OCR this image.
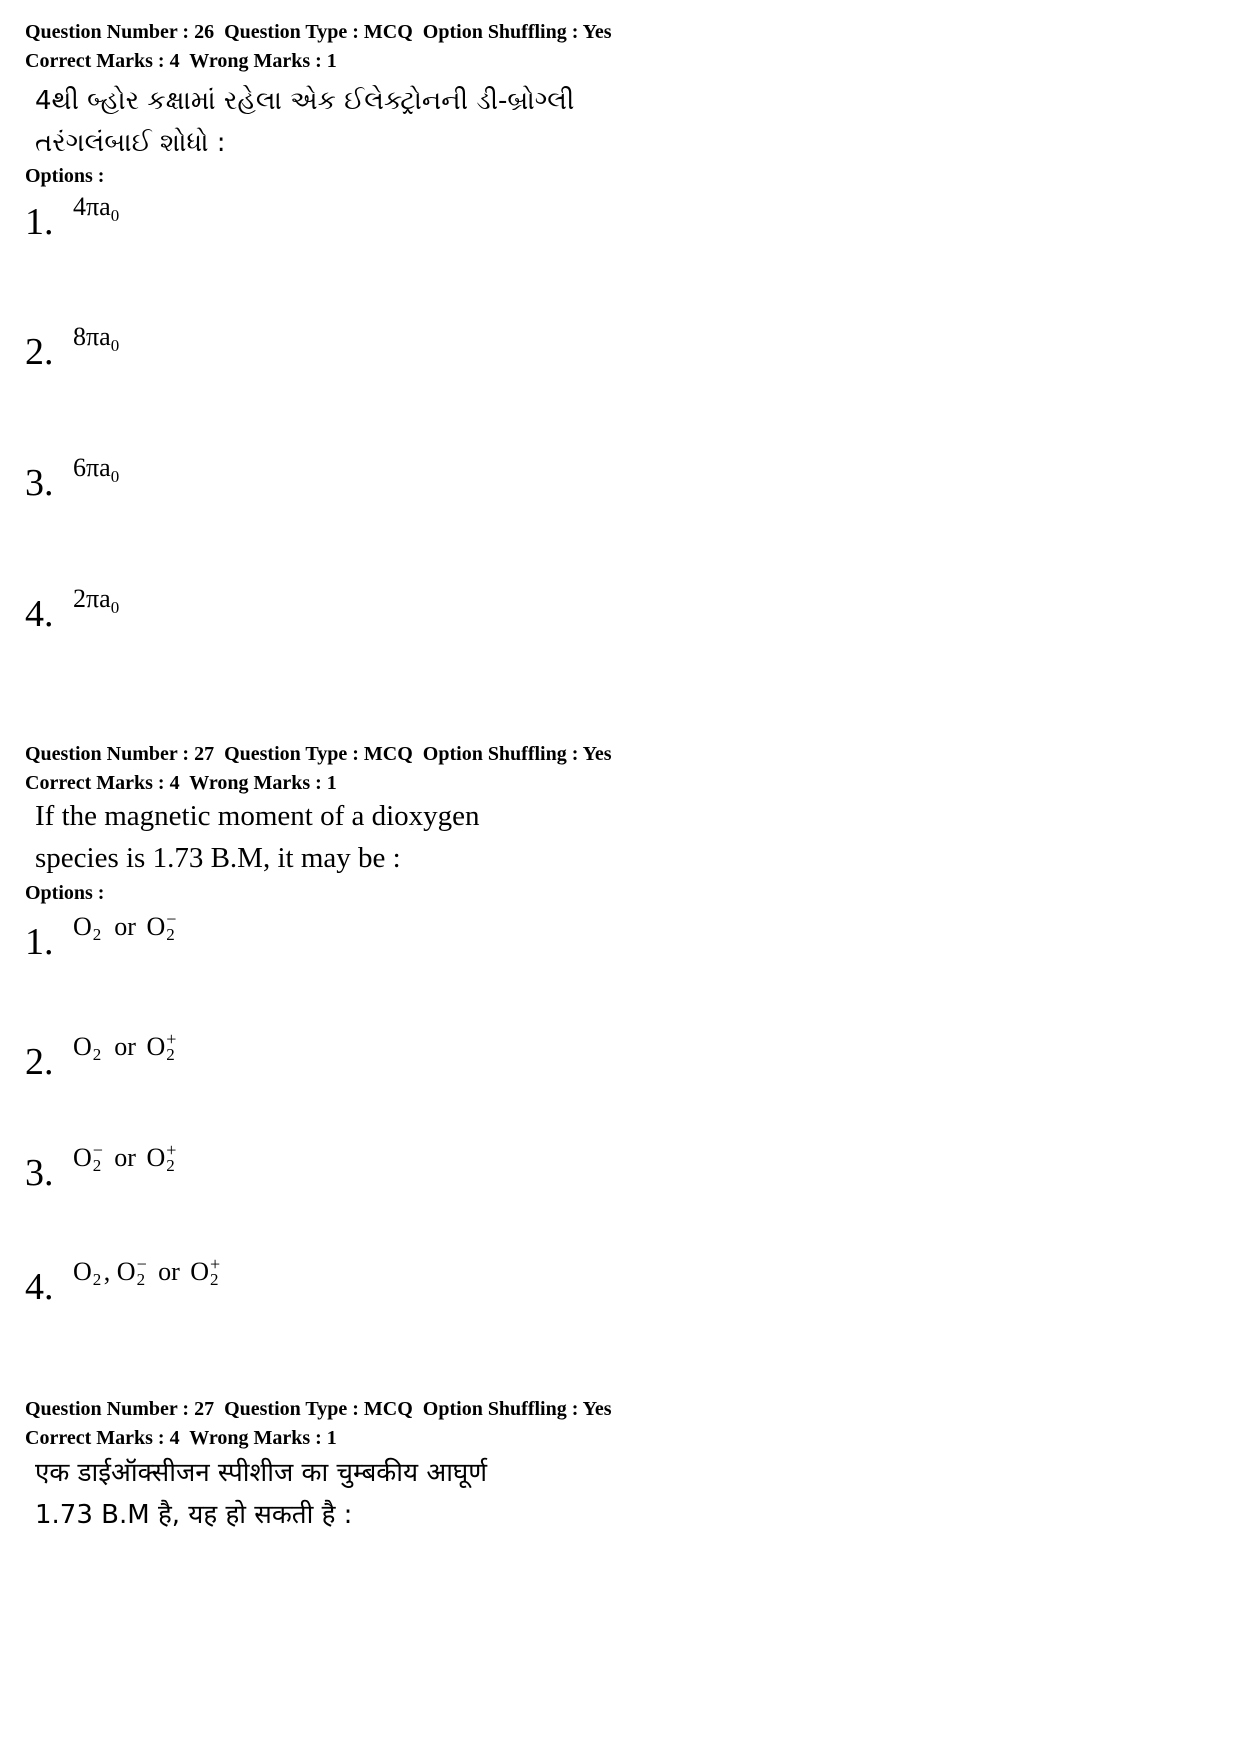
Question Number : 26  Question Type : MCQ  Option Shuffling : Yes
Correct Marks : 4  Wrong Marks : 1
4થી બ્હોર કક્ષામાં રહેલા એક ઈલેક્ટ્રોનની ડી-બ્રોગ્લી
તરંગલંબાઈ શોધો :
Options :
1. $4\pi a_0$
2. $8\pi a_0$
3. $6\pi a_0$
4. $2\pi a_0$
Question Number : 27  Question Type : MCQ  Option Shuffling : Yes
Correct Marks : 4  Wrong Marks : 1
If the magnetic moment of a dioxygen
species is 1.73 B.M, it may be :
Options :
1. O 2 or O −
2
2. O 2 or O +
2
3. O −
2 or O +
2
4. O 2 , O −
2 or O +
2
Question Number : 27  Question Type : MCQ  Option Shuffling : Yes
Correct Marks : 4  Wrong Marks : 1
एक डाईऑक्सीजन स्पीशीज का चुम्बकीय आघूर्ण
1.73 B.M है, यह हो सकती है :
